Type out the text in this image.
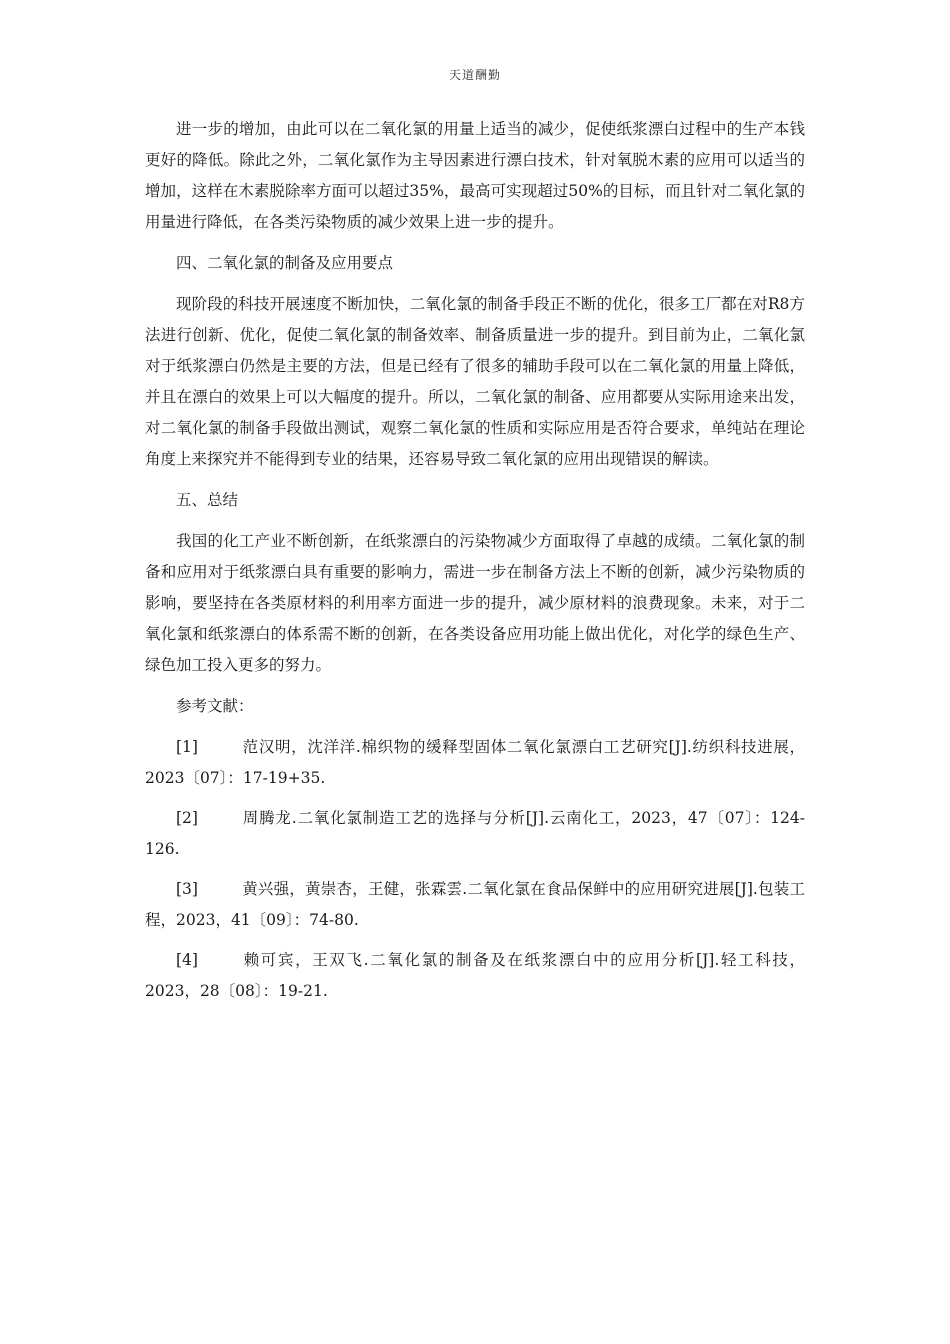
天道酬勤

进一步的增加，由此可以在二氧化氯的用量上适当的减少，促使纸浆漂白过程中的生产本钱更好的降低。除此之外，二氧化氯作为主导因素进行漂白技术，针对氧脱木素的应用可以适当的增加，这样在木素脱除率方面可以超过35%，最高可实现超过50%的目标，而且针对二氧化氯的用量进行降低，在各类污染物质的减少效果上进一步的提升。

四、二氧化氯的制备及应用要点

现阶段的科技开展速度不断加快，二氧化氯的制备手段正不断的优化，很多工厂都在对R8方法进行创新、优化，促使二氧化氯的制备效率、制备质量进一步的提升。到目前为止，二氧化氯对于纸浆漂白仍然是主要的方法，但是已经有了很多的辅助手段可以在二氧化氯的用量上降低，并且在漂白的效果上可以大幅度的提升。所以，二氧化氯的制备、应用都要从实际用途来出发，对二氧化氯的制备手段做出测试，观察二氧化氯的性质和实际应用是否符合要求，单纯站在理论角度上来探究并不能得到专业的结果，还容易导致二氧化氯的应用出现错误的解读。

五、总结

我国的化工产业不断创新，在纸浆漂白的污染物减少方面取得了卓越的成绩。二氧化氯的制备和应用对于纸浆漂白具有重要的影响力，需进一步在制备方法上不断的创新，减少污染物质的影响，要坚持在各类原材料的利用率方面进一步的提升，减少原材料的浪费现象。未来，对于二氧化氯和纸浆漂白的体系需不断的创新，在各类设备应用功能上做出优化，对化学的绿色生产、绿色加工投入更多的努力。

参考文献：

[1]	范汉明，沈洋洋.棉织物的缓释型固体二氧化氯漂白工艺研究[J].纺织科技进展，2023〔07〕：17-19+35.

[2]	周腾龙.二氧化氯制造工艺的选择与分析[J].云南化工，2023，47〔07〕：124-126.

[3]	黄兴强，黄崇杏，王健，张霖雲.二氧化氯在食品保鲜中的应用研究进展[J].包装工程，2023，41〔09〕：74-80.

[4]	赖可宾，王双飞.二氧化氯的制备及在纸浆漂白中的应用分析[J].轻工科技，2023，28〔08〕：19-21.
